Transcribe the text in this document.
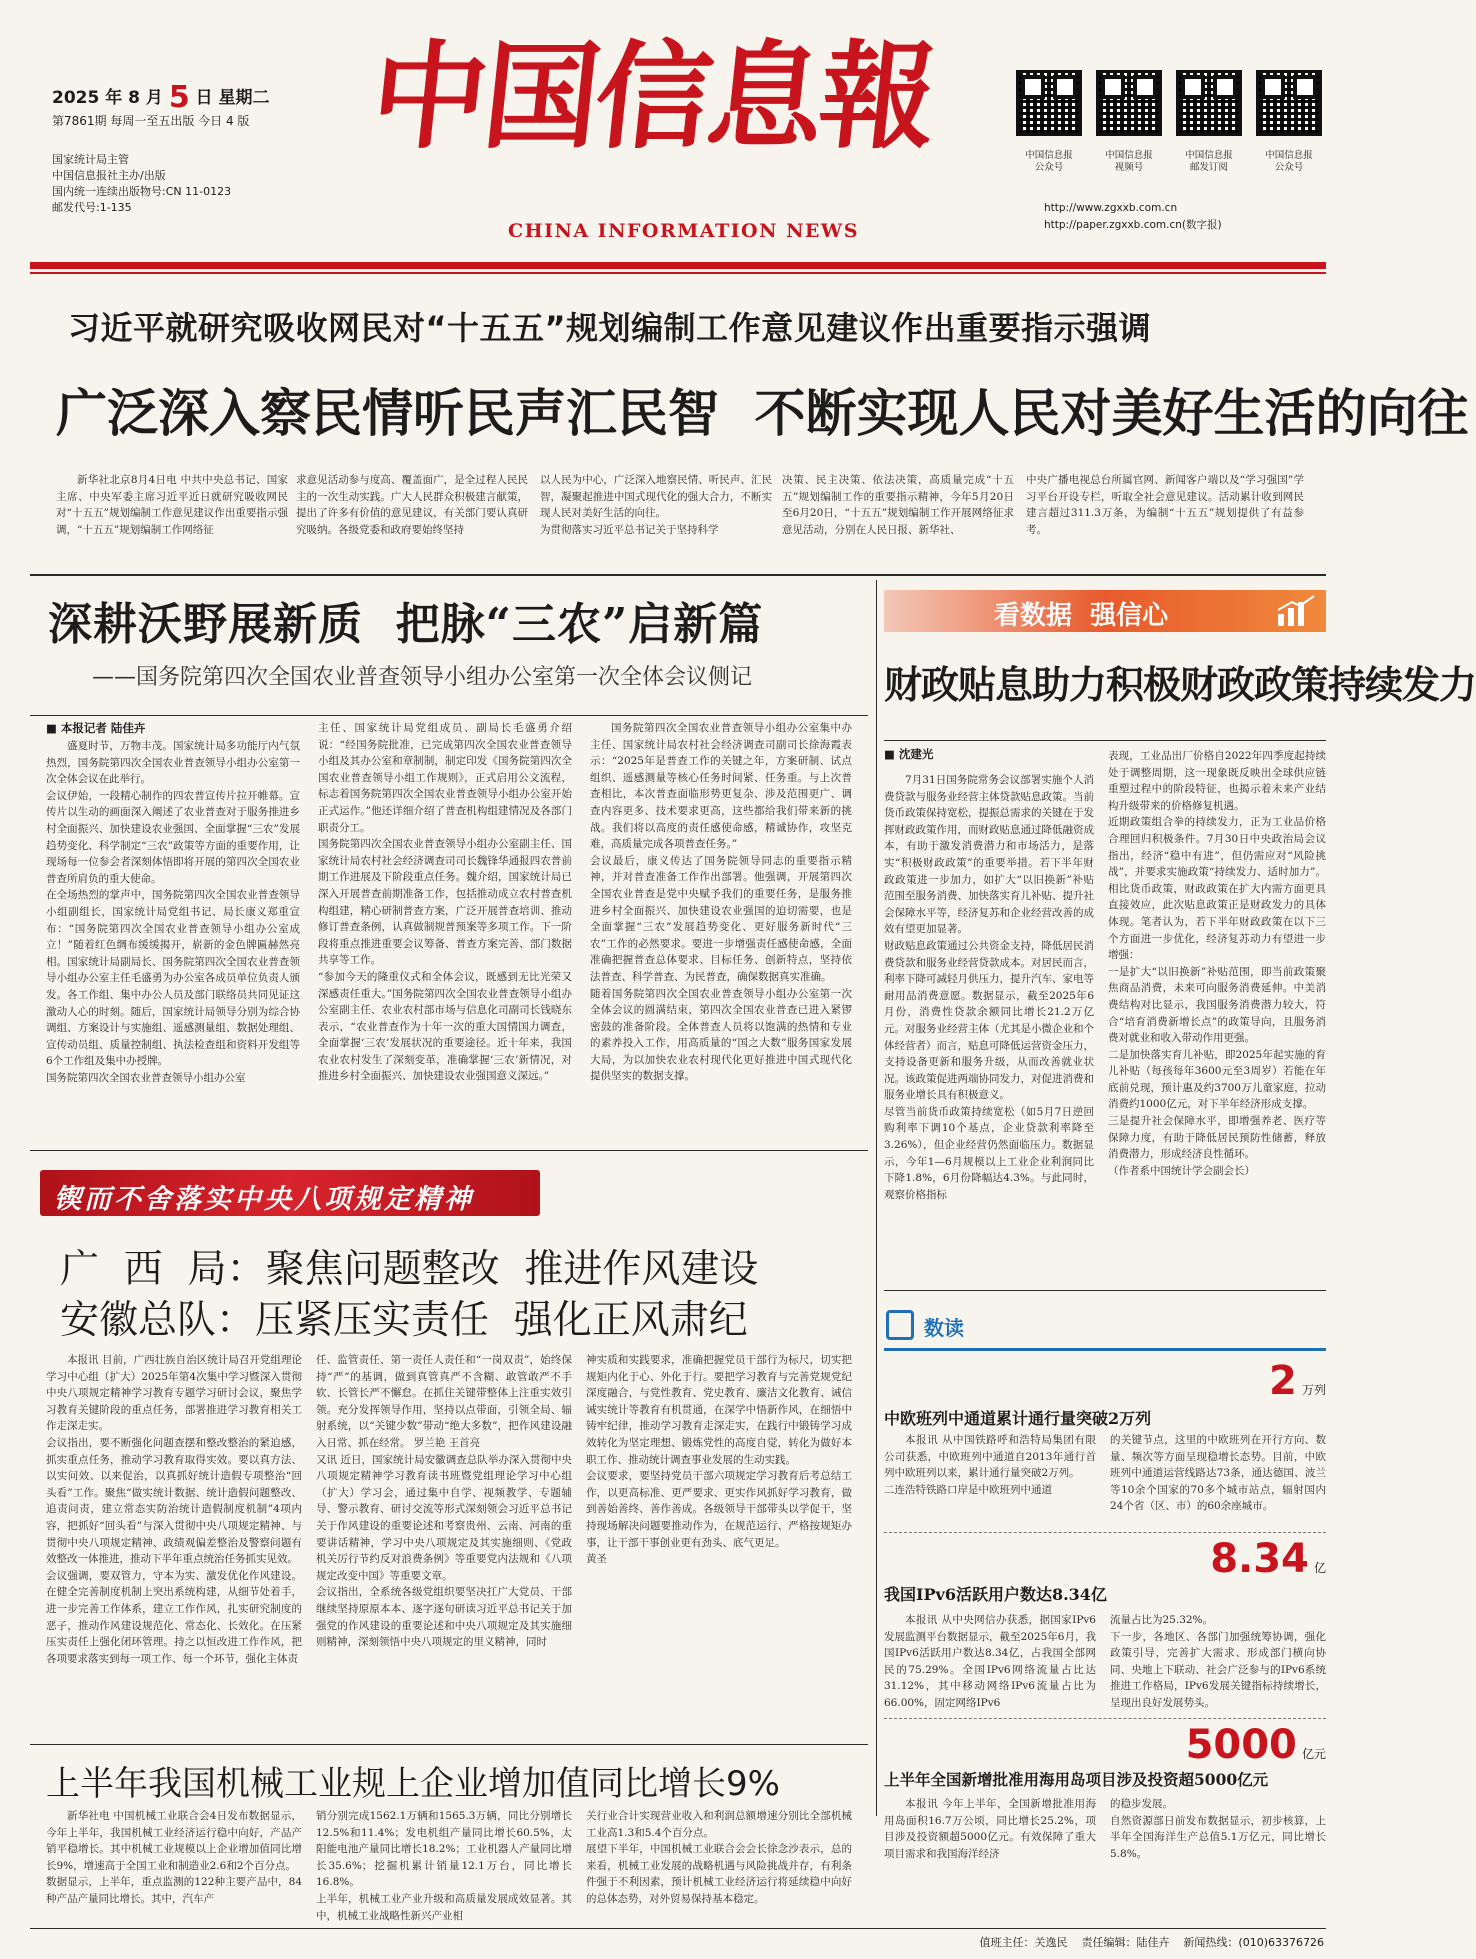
2025 年 8 月 5 日 星期二
第7861期 每周一至五出版 今日 4 版
国家统计局主管
中国信息报社主办/出版
国内统一连续出版物号:CN 11-0123
邮发代号:1-135
中国信息報
CHINA INFORMATION NEWS
中国信息报
公众号
中国信息报
视频号
中国信息报
邮发订阅
中国信息报
公众号
http://www.zgxxb.com.cn
http://paper.zgxxb.com.cn(数字报)
习近平就研究吸收网民对“十五五”规划编制工作意见建议作出重要指示强调
广泛深入察民情听民声汇民智  不断实现人民对美好生活的向往

新华社北京8月4日电 中共中央总书记、国家主席、中央军委主席习近平近日就研究吸收网民对“十五五”规划编制工作意见建议作出重要指示强调，“十五五”规划编制工作网络征

求意见活动参与度高、覆盖面广，是全过程人民民主的一次生动实践。广大人民群众积极建言献策，提出了许多有价值的意见建议，有关部门要认真研究吸纳。各级党委和政府要始终坚持

以人民为中心，广泛深入地察民情、听民声、汇民智，凝聚起推进中国式现代化的强大合力，不断实现人民对美好生活的向往。
为贯彻落实习近平总书记关于坚持科学

决策、民主决策、依法决策，高质量完成“十五五”规划编制工作的重要指示精神，今年5月20日至6月20日，“十五五”规划编制工作开展网络征求意见活动，分别在人民日报、新华社、

中央广播电视总台所属官网、新闻客户端以及“学习强国”学习平台开设专栏，听取全社会意见建议。活动累计收到网民建言超过311.3万条，为编制“十五五”规划提供了有益参考。

深耕沃野展新质  把脉“三农”启新篇
——国务院第四次全国农业普查领导小组办公室第一次全体会议侧记
■ 本报记者 陆佳卉

盛夏时节，万物丰茂。国家统计局多功能厅内气氛热烈，国务院第四次全国农业普查领导小组办公室第一次全体会议在此举行。
会议伊始，一段精心制作的四农普宣传片拉开帷幕。宣传片以生动的画面深入阐述了农业普查对于服务推进乡村全面振兴、加快建设农业强国、全面掌握“三农”发展趋势变化、科学制定“三农”政策等方面的重要作用，让现场每一位参会者深刻体悟即将开展的第四次全国农业普查所肩负的重大使命。
在全场热烈的掌声中，国务院第四次全国农业普查领导小组副组长，国家统计局党组书记、局长康义郑重宣布：“国务院第四次全国农业普查领导小组办公室成立！”随着红色绸布缓缓揭开，崭新的金色牌匾赫然亮相。国家统计局副局长、国务院第四次全国农业普查领导小组办公室主任毛盛勇为办公室各成员单位负责人颁发。各工作组、集中办公人员及部门联络员共同见证这激动人心的时刻。随后，国家统计局领导分别为综合协调组、方案设计与实施组、遥感测量组、数据处理组、宣传动员组、质量控制组、执法检查组和资料开发组等6个工作组及集中办授牌。
国务院第四次全国农业普查领导小组办公室

主任、国家统计局党组成员、副局长毛盛勇介绍说：“经国务院批准，已完成第四次全国农业普查领导小组及其办公室和章制制，制定印发《国务院第四次全国农业普查领导小组工作规则》，正式启用公文流程，标志着国务院第四次全国农业普查领导小组办公室开始正式运作。”他还详细介绍了普查机构组建情况及各部门职责分工。
国务院第四次全国农业普查领导小组办公室副主任、国家统计局农村社会经济调查司司长魏锋华通报四农普前期工作进展及下阶段重点任务。魏介绍，国家统计局已深入开展普查前期准备工作，包括推动成立农村普查机构组建，精心研制普查方案，广泛开展普查培训、推动修订普查条例，认真做制规普预案等多项工作。下一阶段将重点推进重要会议筹备、普查方案完善、部门数据共享等工作。
“参加今天的隆重仪式和全体会议，既感到无比光荣又深感责任重大。”国务院第四次全国农业普查领导小组办公室副主任、农业农村部市场与信息化司副司长钱晓东表示，“农业普查作为十年一次的重大国情国力调查，全面掌握‘三农’发展状况的重要途径。近十年来，我国农业农村发生了深刻变革，准确掌握‘三农’新情况，对推进乡村全面振兴、加快建设农业强国意义深远。”

国务院第四次全国农业普查领导小组办公室集中办主任、国家统计局农村社会经济调查司副司长徐海霞表示：“2025年是普查工作的关键之年，方案研制、试点组织、遥感测量等核心任务时间紧、任务重。与上次普查相比，本次普查面临形势更复杂、涉及范围更广、调查内容更多、技术要求更高，这些都给我们带来新的挑战。我们将以高度的责任感使命感，精诚协作，攻坚克难，高质量完成各项普查任务。”
会议最后，康义传达了国务院领导同志的重要指示精神，并对普查准备工作作出部署。他强调，开展第四次全国农业普查是党中央赋予我们的重要任务，是服务推进乡村全面振兴、加快建设农业强国的迫切需要，也是全面掌握“三农”发展趋势变化、更好服务新时代“三农”工作的必然要求。要进一步增强责任感使命感，全面准确把握普查总体要求、目标任务、创新特点，坚持依法普查、科学普查、为民普查，确保数据真实准确。
随着国务院第四次全国农业普查领导小组办公室第一次全体会议的圆满结束，第四次全国农业普查已进入紧锣密鼓的准备阶段。全体普查人员将以饱满的热情和专业的素养投入工作，用高质量的“国之大数”服务国家发展大局，为以加快农业农村现代化更好推进中国式现代化提供坚实的数据支撑。

看数据  强信心
财政贴息助力积极财政政策持续发力
■ 沈建光

7月31日国务院常务会议部署实施个人消费贷款与服务业经营主体贷款贴息政策。当前货币政策保持宽松，提振总需求的关键在于发挥财政政策作用，而财政贴息通过降低融资成本，有助于激发消费潜力和市场活力，是落实“积极财政政策”的重要举措。若下半年财政政策进一步加力，如扩大“以旧换新”补贴范围至服务消费、加快落实育儿补贴、提升社会保障水平等，经济复苏和企业经营改善的成效有望更加显著。
财政贴息政策通过公共资金支持，降低居民消费贷款和服务业经营贷款成本。对居民而言，利率下降可减轻月供压力，提升汽车、家电等耐用品消费意愿。数据显示，截至2025年6月份，消费性贷款余额同比增长21.2万亿元。对服务业经营主体（尤其是小微企业和个体经营者）而言，贴息可降低运营资金压力，支持设备更新和服务升级，从而改善就业状况。该政策促进两端协同发力，对促进消费和服务业增长具有积极意义。
尽管当前货币政策持续宽松（如5月7日逆回购利率下调10个基点，企业贷款利率降至3.26%），但企业经营仍然面临压力。数据显示，今年1—6月规模以上工业企业利润同比下降1.8%，6月份降幅达4.3%。与此同时，观察价格指标

表现，工业品出厂价格自2022年四季度起持续处于调整周期，这一现象既反映出全球供应链重塑过程中的阶段特征，也揭示着未来产业结构升级带来的价格修复机遇。
近期政策组合拳的持续发力，正为工业品价格合理回归积极条件。7月30日中央政治局会议指出，经济“稳中有进”，但仍需应对“风险挑战”，并要求实施政策“持续发力、适时加力”。相比货币政策，财政政策在扩大内需方面更具直接效应，此次贴息政策正是财政发力的具体体现。笔者认为，若下半年财政政策在以下三个方面进一步优化，经济复苏动力有望进一步增强：
一是扩大“以旧换新”补贴范围，即当前政策聚焦商品消费，未来可向服务消费延伸。中美消费结构对比显示，我国服务消费潜力较大，符合“培育消费新增长点”的政策导向，且服务消费对就业和收入带动作用更强。
二是加快落实育儿补贴，即2025年起实施的育儿补贴（每孩每年3600元至3周岁）若能在年底前兑现，预计惠及约3700万儿童家庭，拉动消费约1000亿元，对下半年经济形成支撑。
三是提升社会保障水平，即增强养老、医疗等保障力度，有助于降低居民预防性储蓄，释放消费潜力，形成经济良性循环。
（作者系中国统计学会副会长）

锲而不舍落实中央八项规定精神
广  西  局：聚焦问题整改  推进作风建设
安徽总队：压紧压实责任  强化正风肃纪

本报讯 目前，广西壮族自治区统计局召开党组理论学习中心组（扩大）2025年第4次集中学习暨深入贯彻中央八项规定精神学习教育专题学习研讨会议，聚焦学习教育关键阶段的重点任务，部署推进学习教育相关工作走深走实。
会议指出，要不断强化问题查摆和整改整治的紧迫感，抓实重点任务，推动学习教育取得实效。要以真方法、以实问效、以来促治，以真抓好统计造假专项整治“回头看”工作。聚焦“做实统计数据、统计造假问题整改、追责问责，建立常态实防治统计造假制度机制”4项内容，把抓好“回头看”与深入贯彻中央八项规定精神、与贯彻中央八项规定精神、政绩观偏差整治及警察问题有效整改一体推进，推动下半年重点统治任务抓实见效。
会议强调，要双管力，守本为实、激发优化作风建设。在健全完善制度机制上突出系统构建，从细节处着手，进一步完善工作体系，建立工作作风，扎实研究制度的恶子，推动作风建设规范化、常态化、长效化。在压紧压实责任上强化闭环管理。持之以恒改进工作作风，把各项要求落实到每一项工作、每一个环节，强化主体责

任、监管责任、第一责任人责任和“一岗双责”，始终保持“严”的基调，做到真管真严不含糊、敢管敢严不手软、长管长严不懈怠。在抓住关键带整体上注重实效引领。充分发挥领导作用，坚持以点带面，引领全局、辐射系统，以“关键少数”带动“绝大多数”，把作风建设融入日常、抓在经常。 罗兰艳 王首亮
又讯 近日，国家统计局安徽调查总队举办深入贯彻中央八项规定精神学习教育读书班暨党组理论学习中心组（扩大）学习会，通过集中自学、视频教学、专题辅导、警示教育、研讨交流等形式深刻领会习近平总书记关于作风建设的重要论述和考察贵州、云南、河南的重要讲话精神，学习中央八项规定及其实施细则、《党政机关厉行节约反对浪费条例》等重要党内法规和《八项规定改变中国》等重要文章。
会议指出，全系统各级党组织要坚决扛广大党员、干部继续坚持原原本本、逐字逐句研读习近平总书记关于加强党的作风建设的重要论述和中央八项规定及其实施细则精神，深刻领悟中央八项规定的里义精神，同时

神实质和实践要求，准确把握党员干部行为标尺，切实把规矩内化于心、外化于行。要把学习教育与完善党规党纪深度融合，与党性教育、党史教育、廉洁文化教育、诫信诫实统计等教育有机贯通，在深学中悟新作风，在细悟中铸牢纪律，推动学习教育走深走实，在践行中锻铸学习成效转化为坚定理想、锻炼党性的高度自觉，转化为做好本职工作、推动统计调查事业发展的生动实践。
会议要求，要坚持党员干部六项规定学习教育后考总结工作，以更高标准、更严要求、更实作风抓好学习教育，做到善始善终、善作善成。各级领导干部带头以学促干，坚持现场解决问题要推动作为，在规范运行、严格按规矩办事，让干部干事创业更有劲头、底气更足。
黄圣

上半年我国机械工业规上企业增加值同比增长9%

新华社电 中国机械工业联合会4日发布数据显示，今年上半年，我国机械工业经济运行稳中向好，产品产销平稳增长。其中机械工业规模以上企业增加值同比增长9%，增速高于全国工业和制造业2.6和2个百分点。
数据显示，上半年，重点监测的122种主要产品中，84种产品产量同比增长。其中，汽车产

销分别完成1562.1万辆和1565.3万辆，同比分别增长12.5%和11.4%；发电机组产量同比增长60.5%，太阳能电池产量同比增长18.2%；工业机器人产量同比增长35.6%；挖掘机累计销量12.1万台，同比增长16.8%。
上半年，机械工业产业升级和高质量发展成效显著。其中，机械工业战略性新兴产业相

关行业合计实现营业收入和利润总额增速分别比全部机械工业高1.3和5.4个百分点。
展望下半年，中国机械工业联合会会长徐念沙表示，总的来看，机械工业发展的战略机遇与风险挑战并存，有利条件强于不利因素，预计机械工业经济运行将延续稳中向好的总体态势，对外贸易保持基本稳定。

数读
2 万列
中欧班列中通道累计通行量突破2万列

本报讯 从中国铁路呼和浩特局集团有限公司获悉，中欧班列中通道自2013年通行首列中欧班列以来，累计通行量突破2万列。
二连浩特铁路口岸是中欧班列中通道

的关键节点，这里的中欧班列在开行方向、数量、频次等方面呈现稳增长态势。目前，中欧班列中通道运营线路达73条，通达德国、波兰等10余个国家的70多个城市站点，辐射国内24个省（区、市）的60余座城市。

8.34 亿
我国IPv6活跃用户数达8.34亿

本报讯 从中央网信办获悉，据国家IPv6发展监测平台数据显示，截至2025年6月，我国IPv6活跃用户数达8.34亿，占我国全部网民的75.29%。全国IPv6网络流量占比达31.12%，其中移动网络IPv6流量占比为66.00%，固定网络IPv6

流量占比为25.32%。
下一步，各地区、各部门加强统筹协调，强化政策引导，完善扩大需求、形成部门横向协同、央地上下联动、社会广泛参与的IPv6系统推进工作格局，IPv6发展关键指标持续增长，呈现出良好发展势头。

5000 亿元
上半年全国新增批准用海用岛项目涉及投资超5000亿元

本报讯 今年上半年，全国新增批准用海用岛面积16.7万公顷，同比增长25.2%，项目涉及投资额超5000亿元。有效保障了重大项目需求和我国海洋经济

的稳步发展。
自然资源部日前发布数据显示，初步核算，上半年全国海洋生产总值5.1万亿元，同比增长5.8%。

值班主任：关逸民    责任编辑：陆佳卉    新闻热线：(010)63376726
